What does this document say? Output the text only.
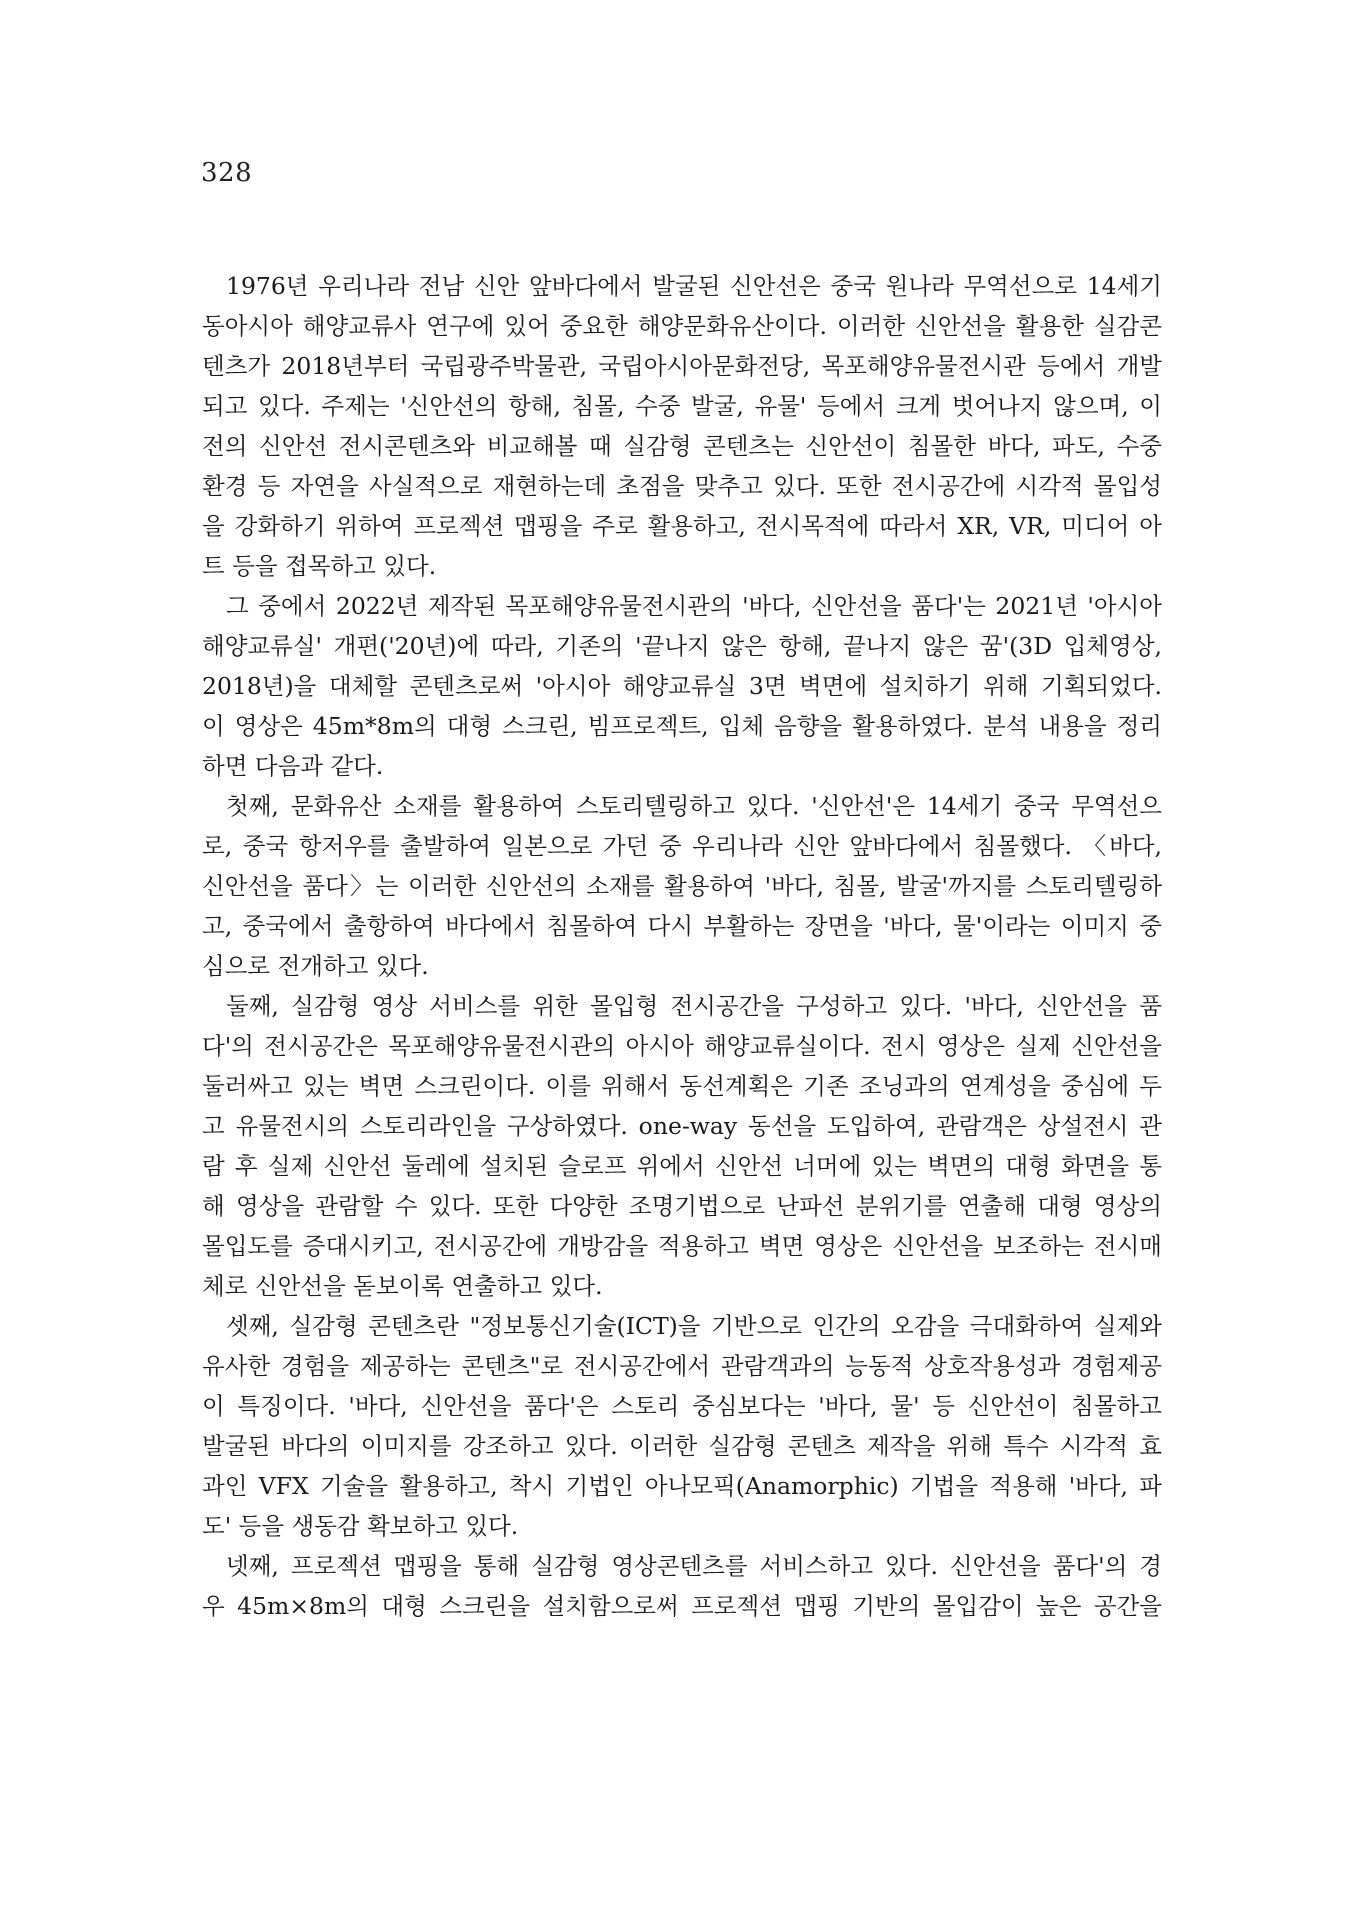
328
1976년 우리나라 전남 신안 앞바다에서 발굴된 신안선은 중국 원나라 무역선으로 14세기
동아시아 해양교류사 연구에 있어 중요한 해양문화유산이다. 이러한 신안선을 활용한 실감콘
텐츠가 2018년부터 국립광주박물관, 국립아시아문화전당, 목포해양유물전시관 등에서 개발
되고 있다. 주제는 '신안선의 항해, 침몰, 수중 발굴, 유물' 등에서 크게 벗어나지 않으며, 이
전의 신안선 전시콘텐츠와 비교해볼 때 실감형 콘텐츠는 신안선이 침몰한 바다, 파도, 수중
환경 등 자연을 사실적으로 재현하는데 초점을 맞추고 있다. 또한 전시공간에 시각적 몰입성
을 강화하기 위하여 프로젝션 맵핑을 주로 활용하고, 전시목적에 따라서 XR, VR, 미디어 아
트 등을 접목하고 있다.
그 중에서 2022년 제작된 목포해양유물전시관의 '바다, 신안선을 품다'는 2021년 '아시아
해양교류실' 개편('20년)에 따라, 기존의 '끝나지 않은 항해, 끝나지 않은 꿈'(3D 입체영상,
2018년)을 대체할 콘텐츠로써 '아시아 해양교류실 3면 벽면에 설치하기 위해 기획되었다.
이 영상은 45m*8m의 대형 스크린, 빔프로젝트, 입체 음향을 활용하였다. 분석 내용을 정리
하면 다음과 같다.
첫째, 문화유산 소재를 활용하여 스토리텔링하고 있다. '신안선'은 14세기 중국 무역선으
로, 중국 항저우를 출발하여 일본으로 가던 중 우리나라 신안 앞바다에서 침몰했다. 〈바다,
신안선을 품다〉는 이러한 신안선의 소재를 활용하여 '바다, 침몰, 발굴'까지를 스토리텔링하
고, 중국에서 출항하여 바다에서 침몰하여 다시 부활하는 장면을 '바다, 물'이라는 이미지 중
심으로 전개하고 있다.
둘째, 실감형 영상 서비스를 위한 몰입형 전시공간을 구성하고 있다. '바다, 신안선을 품
다'의 전시공간은 목포해양유물전시관의 아시아 해양교류실이다. 전시 영상은 실제 신안선을
둘러싸고 있는 벽면 스크린이다. 이를 위해서 동선계획은 기존 조닝과의 연계성을 중심에 두
고 유물전시의 스토리라인을 구상하였다. one-way 동선을 도입하여, 관람객은 상설전시 관
람 후 실제 신안선 둘레에 설치된 슬로프 위에서 신안선 너머에 있는 벽면의 대형 화면을 통
해 영상을 관람할 수 있다. 또한 다양한 조명기법으로 난파선 분위기를 연출해 대형 영상의
몰입도를 증대시키고, 전시공간에 개방감을 적용하고 벽면 영상은 신안선을 보조하는 전시매
체로 신안선을 돋보이록 연출하고 있다.
셋째, 실감형 콘텐츠란 "정보통신기술(ICT)을 기반으로 인간의 오감을 극대화하여 실제와
유사한 경험을 제공하는 콘텐츠"로 전시공간에서 관람객과의 능동적 상호작용성과 경험제공
이 특징이다. '바다, 신안선을 품다'은 스토리 중심보다는 '바다, 물' 등 신안선이 침몰하고
발굴된 바다의 이미지를 강조하고 있다. 이러한 실감형 콘텐츠 제작을 위해 특수 시각적 효
과인 VFX 기술을 활용하고, 착시 기법인 아나모픽(Anamorphic) 기법을 적용해 '바다, 파
도' 등을 생동감 확보하고 있다.
넷째, 프로젝션 맵핑을 통해 실감형 영상콘텐츠를 서비스하고 있다. 신안선을 품다'의 경
우 45m×8m의 대형 스크린을 설치함으로써 프로젝션 맵핑 기반의 몰입감이 높은 공간을
